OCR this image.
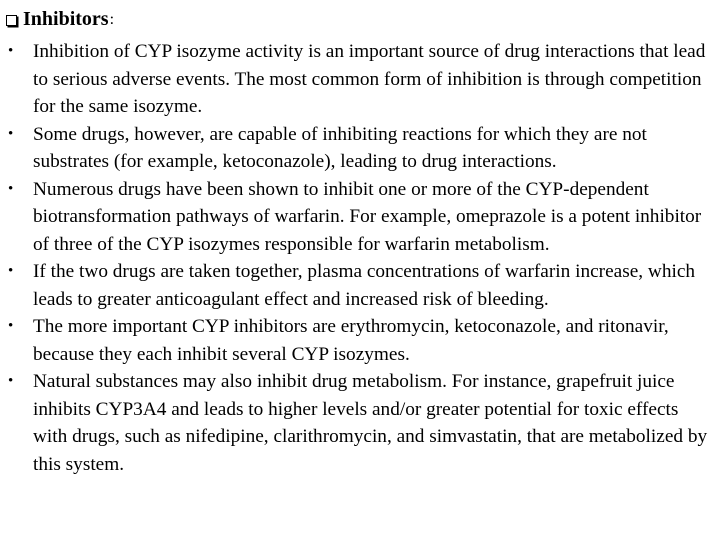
Inhibitors :
• Inhibition of CYP isozyme activity is an important source of drug interactions that lead to serious adverse events. The most common form of inhibition is through competition for the same isozyme.
• Some drugs, however, are capable of inhibiting reactions for which they are not substrates (for example, ketoconazole), leading to drug interactions.
• Numerous drugs have been shown to inhibit one or more of the CYP-dependent biotransformation pathways of warfarin. For example, omeprazole is a potent inhibitor of three of the CYP isozymes responsible for warfarin metabolism.
• If the two drugs are taken together, plasma concentrations of warfarin increase, which leads to greater anticoagulant effect and increased risk of bleeding.
• The more important CYP inhibitors are erythromycin, ketoconazole, and ritonavir, because they each inhibit several CYP isozymes.
• Natural substances may also inhibit drug metabolism. For instance, grapefruit juice inhibits CYP3A4 and leads to higher levels and/or greater potential for toxic effects with drugs, such as nifedipine, clarithromycin, and simvastatin, that are metabolized by this system.
